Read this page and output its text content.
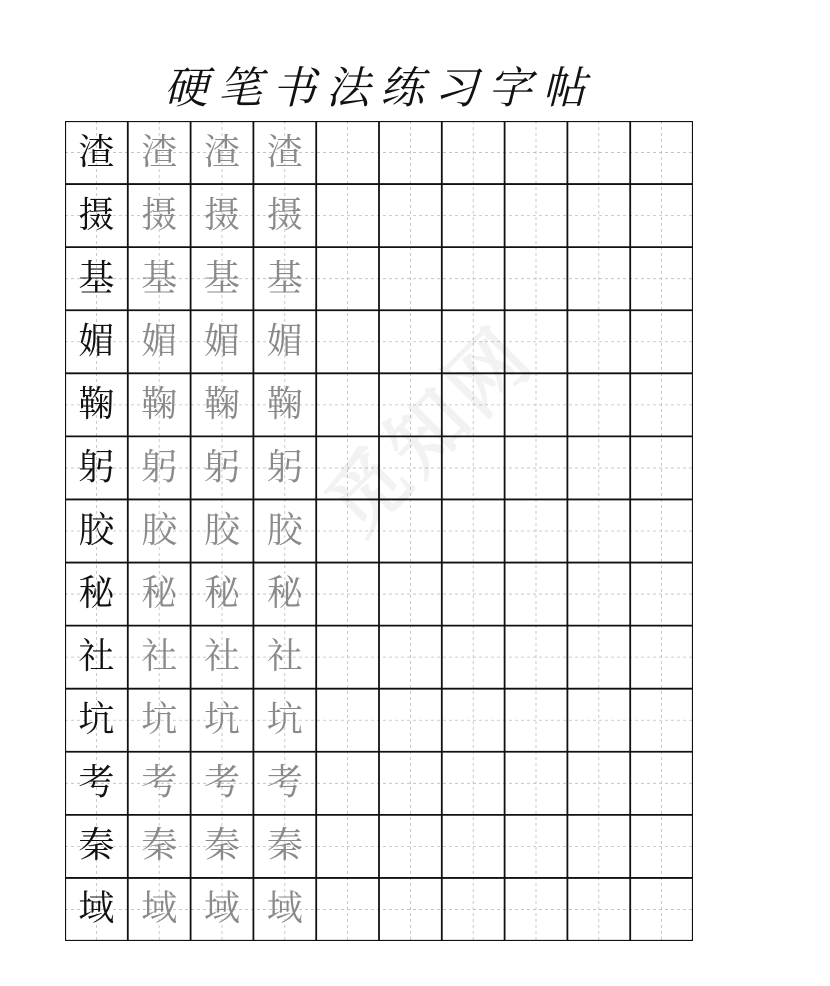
硬笔书法练习字帖
渣 渣 渣 渣
摄 摄 摄 摄
基 基 基 基
媚 媚 媚 媚
鞠 鞠 鞠 鞠
躬 躬 躬 躬
胶 胶 胶 胶
秘 秘 秘 秘
社 社 社 社
坑 坑 坑 坑
考 考 考 考
秦 秦 秦 秦
域 域 域 域
觅知网
